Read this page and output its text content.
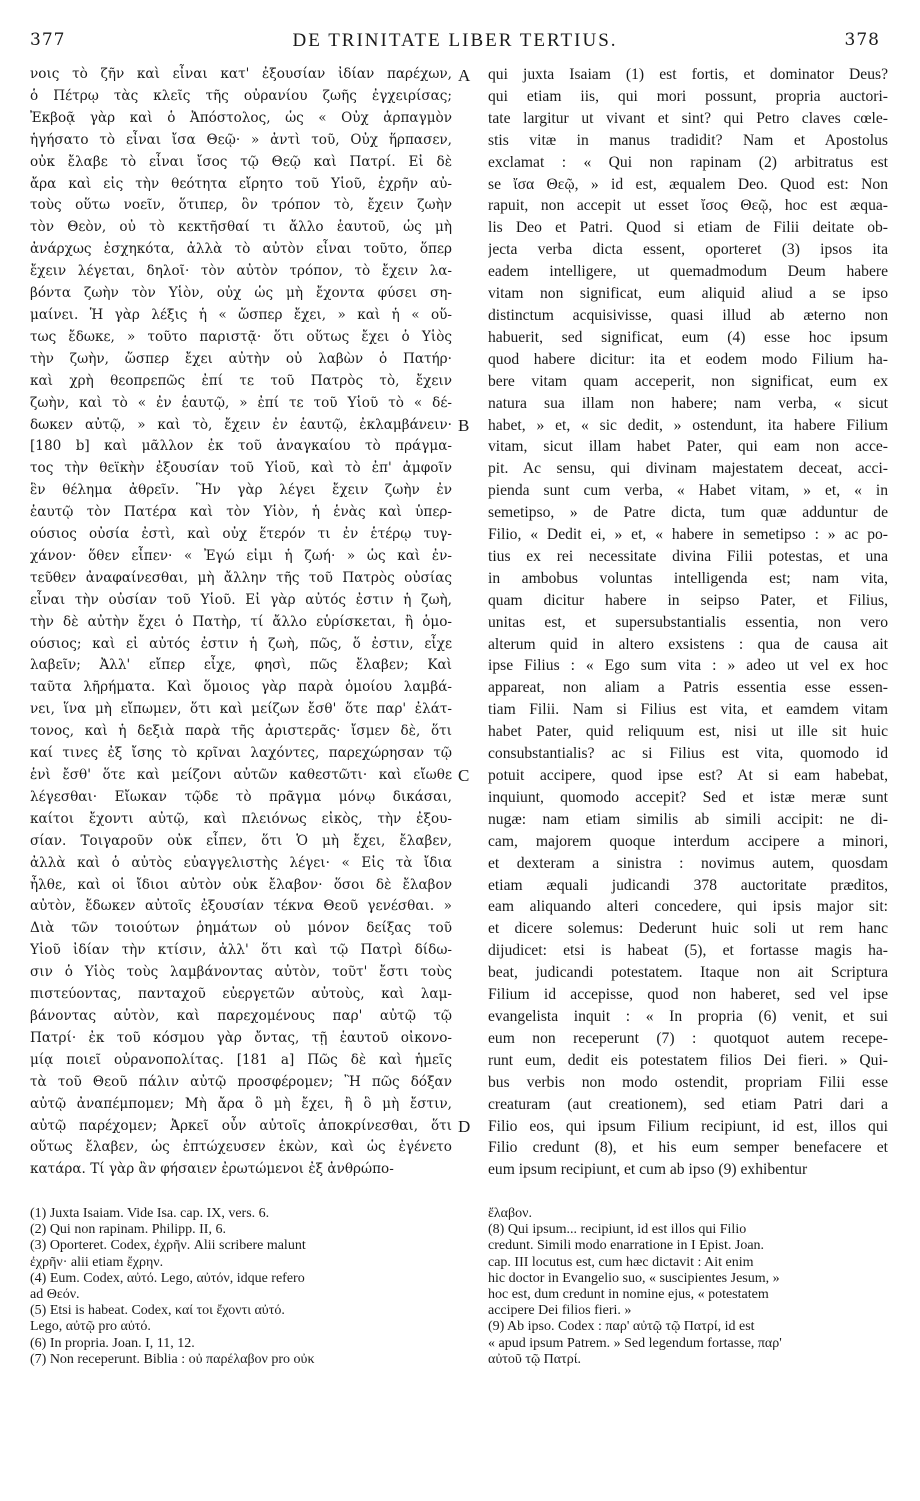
377	DE TRINITATE LIBER TERTIUS.	378
νοις τὸ ζῆν καὶ εἶναι κατ' ἐξουσίαν ἰδίαν παρέχων,
ὁ Πέτρῳ τὰς κλεῖς τῆς οὐρανίου ζωῆς ἐγχειρίσας;
Ἐκβοᾷ γὰρ καὶ ὁ Ἀπόστολος, ὡς « Οὐχ ἁρπαγμὸν
ἡγήσατο τὸ εἶναι ἴσα Θεῷ· » ἀντὶ τοῦ, Οὐχ ἥρπασεν,
οὐκ ἔλαβε τὸ εἶναι ἴσος τῷ Θεῷ καὶ Πατρί. Εἰ δὲ
ἄρα καὶ εἰς τὴν θεότητα εἴρητο τοῦ Υἱοῦ, ἐχρῆν αὐ-
τοὺς οὕτω νοεῖν, ὅτιπερ, ὃν τρόπον τὸ, ἔχειν ζωὴν
τὸν Θεὸν, οὐ τὸ κεκτῆσθαί τι ἄλλο ἑαυτοῦ, ὡς μὴ
ἀνάρχως ἐσχηκότα, ἀλλὰ τὸ αὐτὸν εἶναι τοῦτο, ὅπερ
ἔχειν λέγεται, δηλοῖ· τὸν αὐτὸν τρόπον, τὸ ἔχειν λα-
βόντα ζωὴν τὸν Υἱὸν, οὐχ ὡς μὴ ἔχοντα φύσει ση-
μαίνει. Ἡ γὰρ λέξις ἡ « ὥσπερ ἔχει, » καὶ ἡ « οὕ-
τως ἔδωκε, » τοῦτο παριστᾷ· ὅτι οὕτως ἔχει ὁ Υἱὸς
τὴν ζωὴν, ὥσπερ ἔχει αὐτὴν οὐ λαβὼν ὁ Πατήρ·
καὶ χρὴ θεοπρεπῶς ἐπί τε τοῦ Πατρὸς τὸ, ἔχειν
ζωὴν, καὶ τὸ « ἐν ἑαυτῷ, » ἐπί τε τοῦ Υἱοῦ τὸ « δέ-
δωκεν αὐτῷ, » καὶ τὸ, ἔχειν ἐν ἑαυτῷ, ἐκλαμβάνειν·
[180 b] καὶ μᾶλλον ἐκ τοῦ ἀναγκαίου τὸ πράγμα-
τος τὴν θεϊκὴν ἐξουσίαν τοῦ Υἱοῦ, καὶ τὸ ἐπ' ἀμφοῖν
ἓν θέλημα ἀθρεῖν. Ἣν γὰρ λέγει ἔχειν ζωὴν ἐν
ἑαυτῷ τὸν Πατέρα καὶ τὸν Υἱὸν, ἡ ἑνὰς καὶ ὑπερ-
ούσιος οὐσία ἐστὶ, καὶ οὐχ ἕτερόν τι ἐν ἑτέρῳ τυγ-
χάνον· ὅθεν εἶπεν· « Ἐγώ εἰμι ἡ ζωή· » ὡς καὶ ἐν-
τεῦθεν ἀναφαίνεσθαι, μὴ ἄλλην τῆς τοῦ Πατρὸς οὐσίας
εἶναι τὴν οὐσίαν τοῦ Υἱοῦ. Εἰ γὰρ αὐτός ἐστιν ἡ ζωὴ,
τὴν δὲ αὐτὴν ἔχει ὁ Πατὴρ, τί ἄλλο εὑρίσκεται, ἢ ὁμο-
ούσιος; καὶ εἰ αὐτός ἐστιν ἡ ζωὴ, πῶς, ὅ ἐστιν, εἶχε
λαβεῖν; Ἀλλ' εἴπερ εἶχε, φησὶ, πῶς ἔλαβεν; Καὶ
ταῦτα λῆρήματα. Καὶ ὅμοιος γὰρ παρὰ ὁμοίου λαμβά-
νει, ἵνα μὴ εἴπωμεν, ὅτι καὶ μείζων ἔσθ' ὅτε παρ' ἐλάτ-
τονος, καὶ ἡ δεξιὰ παρὰ τῆς ἀριστερᾶς· ἴσμεν δὲ, ὅτι
καί τινες ἐξ ἴσης τὸ κρῖναι λαχόντες, παρεχώρησαν τῷ
ἑνὶ ἔσθ' ὅτε καὶ μείζονι αὐτῶν καθεστῶτι· καὶ εἴωθε
λέγεσθαι· Εἴωκαν τῷδε τὸ πρᾶγμα μόνῳ δικάσαι,
καίτοι ἔχοντι αὐτῷ, καὶ πλειόνως εἰκὸς, τὴν ἐξου-
σίαν. Τοιγαροῦν οὐκ εἶπεν, ὅτι Ὁ μὴ ἔχει, ἔλαβεν,
ἀλλὰ καὶ ὁ αὐτὸς εὐαγγελιστὴς λέγει· « Εἰς τὰ ἴδια
ἦλθε, καὶ οἱ ἴδιοι αὐτὸν οὐκ ἔλαβον· ὅσοι δὲ ἔλαβον
αὐτὸν, ἔδωκεν αὐτοῖς ἐξουσίαν τέκνα Θεοῦ γενέσθαι. »
Διὰ τῶν τοιούτων ῥημάτων οὐ μόνον δείξας τοῦ
Υἱοῦ ἰδίαν τὴν κτίσιν, ἀλλ' ὅτι καὶ τῷ Πατρὶ δίδω-
σιν ὁ Υἱὸς τοὺς λαμβάνοντας αὐτὸν, τοῦτ' ἔστι τοὺς
πιστεύοντας, πανταχοῦ εὐεργετῶν αὐτοὺς, καὶ λαμ-
βάνοντας αὐτὸν, καὶ παρεχομένους παρ' αὐτῷ τῷ
Πατρί· ἐκ τοῦ κόσμου γὰρ ὄντας, τῇ ἑαυτοῦ οἰκονο-
μίᾳ ποιεῖ οὐρανοπολίτας. [181 a] Πῶς δὲ καὶ ἡμεῖς
τὰ τοῦ Θεοῦ πάλιν αὐτῷ προσφέρομεν; Ἢ πῶς δόξαν
αὐτῷ ἀναπέμπομεν; Μὴ ἄρα ὃ μὴ ἔχει, ἢ ὃ μὴ ἔστιν,
αὐτῷ παρέχομεν; Ἀρκεῖ οὖν αὐτοῖς ἀποκρίνεσθαι, ὅτι
οὕτως ἔλαβεν, ὡς ἐπτώχευσεν ἑκὼν, καὶ ὡς ἐγένετο
κατάρα. Τί γὰρ ἂν φήσαιεν ἐρωτώμενοι ἐξ ἀνθρώπο-
qui juxta Isaiam (1) est fortis, et dominator Deus?
qui etiam iis, qui mori possunt, propria auctori-
tate largitur ut vivant et sint? qui Petro claves cœle-
stis vitæ in manus tradidit? Nam et Apostolus
exclamat : « Qui non rapinam (2) arbitratus est
se ἴσα Θεῷ, » id est, æqualem Deo. Quod est: Non
rapuit, non accepit ut esset ἴσος Θεῷ, hoc est æqua-
lis Deo et Patri. Quod si etiam de Filii deitate ob-
jecta verba dicta essent, oporteret (3) ipsos ita
eadem intelligere, ut quemadmodum Deum habere
vitam non significat, eum aliquid aliud a se ipso
distinctum acquisivisse, quasi illud ab æterno non
habuerit, sed significat, eum (4) esse hoc ipsum
quod habere dicitur: ita et eodem modo Filium ha-
bere vitam quam acceperit, non significat, eum ex
natura sua illam non habere; nam verba, « sicut
habet, » et, « sic dedit, » ostendunt, ita habere Filium
vitam, sicut illam habet Pater, qui eam non acce-
pit. Ac sensu, qui divinam majestatem deceat, acci-
pienda sunt cum verba, « Habet vitam, » et, « in
semetipso, » de Patre dicta, tum quæ adduntur de
Filio, « Dedit ei, » et, « habere in semetipso : » ac po-
tius ex rei necessitate divina Filii potestas, et una
in ambobus voluntas intelligenda est; nam vita,
quam dicitur habere in seipso Pater, et Filius,
unitas est, et supersubstantialis essentia, non vero
alterum quid in altero exsistens : qua de causa ait
ipse Filius : « Ego sum vita : » adeo ut vel ex hoc
appareat, non aliam a Patris essentia esse essen-
tiam Filii. Nam si Filius est vita, et eamdem vitam
habet Pater, quid reliquum est, nisi ut ille sit huic
consubstantialis? ac si Filius est vita, quomodo id
potuit accipere, quod ipse est? At si eam habebat,
inquiunt, quomodo accepit? Sed et istæ meræ sunt
nugæ: nam etiam similis ab simili accipit: ne di-
cam, majorem quoque interdum accipere a minori,
et dexteram a sinistra : novimus autem, quosdam
etiam æquali judicandi 378 auctoritate præditos,
eam aliquando alteri concedere, qui ipsis major sit:
et dicere solemus: Dederunt huic soli ut rem hanc
dijudicet: etsi is habeat (5), et fortasse magis ha-
beat, judicandi potestatem. Itaque non ait Scriptura
Filium id accepisse, quod non haberet, sed vel ipse
evangelista inquit : « In propria (6) venit, et sui
eum non receperunt (7) : quotquot autem recepe-
runt eum, dedit eis potestatem filios Dei fieri. » Qui-
bus verbis non modo ostendit, propriam Filii esse
creaturam (aut creationem), sed etiam Patri dari a
Filio eos, qui ipsum Filium recipiunt, id est, illos qui
Filio credunt (8), et his eum semper benefacere et
eum ipsum recipiunt, et cum ab ipso (9) exhibentur
A
B
C
D
(1) Juxta Isaiam. Vide Isa. cap. IX, vers. 6.
(2) Qui non rapinam. Philipp. II, 6.
(3) Oporteret. Codex, ἐχρῆν. Alii scribere malunt
ἐχρῆν· alii etiam ἔχρην.
(4) Eum. Codex, αὐτό. Lego, αὐτόν, idque refero
ad Θεόν.
(5) Etsi is habeat. Codex, καί τοι ἔχοντι αὐτό.
Lego, αὐτῷ pro αὐτό.
(6) In propria. Joan. I, 11, 12.
(7) Non receperunt. Biblia : οὐ παρέλαβον pro οὐκ
ἔλαβον.
(8) Qui ipsum... recipiunt, id est illos qui Filio
credunt. Simili modo enarratione in I Epist. Joan.
cap. III locutus est, cum hæc dictavit : Ait enim
hic doctor in Evangelio suo, « suscipientes Jesum, »
hoc est, dum credunt in nomine ejus, « potestatem
accipere Dei filios fieri. »
(9) Ab ipso. Codex : παρ' αὐτῷ τῷ Πατρί, id est
« apud ipsum Patrem. » Sed legendum fortasse, παρ'
αὐτοῦ τῷ Πατρί.
